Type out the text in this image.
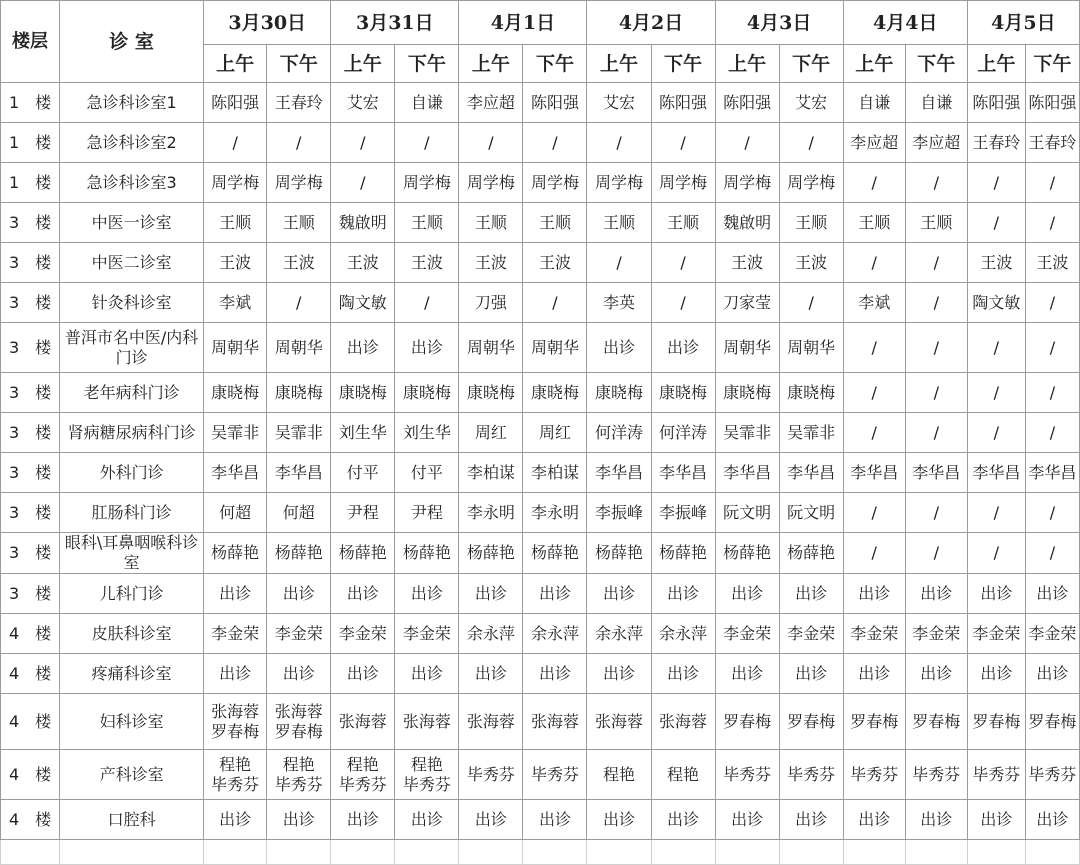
楼层	诊 室	3月30日		3月31日		4月1日		4月2日		4月3日		4月4日		4月5日	
		上午	下午	上午	下午	上午	下午	上午	下午	上午	下午	上午	下午	上午	下午
1　楼	急诊科诊室1	陈阳强	王春玲	艾宏	自谦	李应超	陈阳强	艾宏	陈阳强	陈阳强	艾宏	自谦	自谦	陈阳强	陈阳强
1　楼	急诊科诊室2	/	/	/	/	/	/	/	/	/	/	李应超	李应超	王春玲	王春玲
1　楼	急诊科诊室3	周学梅	周学梅	/	周学梅	周学梅	周学梅	周学梅	周学梅	周学梅	周学梅	/	/	/	/
3　楼	中医一诊室	王顺	王顺	魏啟明	王顺	王顺	王顺	王顺	王顺	魏啟明	王顺	王顺	王顺	/	/
3　楼	中医二诊室	王波	王波	王波	王波	王波	王波	/	/	王波	王波	/	/	王波	王波
3　楼	针灸科诊室	李斌	/	陶文敏	/	刀强	/	李英	/	刀家莹	/	李斌	/	陶文敏	/
3　楼	普洱市名中医/内科门诊	周朝华	周朝华	出诊	出诊	周朝华	周朝华	出诊	出诊	周朝华	周朝华	/	/	/	/
3　楼	老年病科门诊	康晓梅	康晓梅	康晓梅	康晓梅	康晓梅	康晓梅	康晓梅	康晓梅	康晓梅	康晓梅	/	/	/	/
3　楼	肾病糖尿病科门诊	吴霏非	吴霏非	刘生华	刘生华	周红	周红	何洋涛	何洋涛	吴霏非	吴霏非	/	/	/	/
3　楼	外科门诊	李华昌	李华昌	付平	付平	李柏谋	李柏谋	李华昌	李华昌	李华昌	李华昌	李华昌	李华昌	李华昌	李华昌
3　楼	肛肠科门诊	何超	何超	尹程	尹程	李永明	李永明	李振峰	李振峰	阮文明	阮文明	/	/	/	/
3　楼	眼科\耳鼻咽喉科诊室	杨薛艳	杨薛艳	杨薛艳	杨薛艳	杨薛艳	杨薛艳	杨薛艳	杨薛艳	杨薛艳	杨薛艳	/	/	/	/
3　楼	儿科门诊	出诊	出诊	出诊	出诊	出诊	出诊	出诊	出诊	出诊	出诊	出诊	出诊	出诊	出诊
4　楼	皮肤科诊室	李金荣	李金荣	李金荣	李金荣	余永萍	余永萍	余永萍	余永萍	李金荣	李金荣	李金荣	李金荣	李金荣	李金荣
4　楼	疼痛科诊室	出诊	出诊	出诊	出诊	出诊	出诊	出诊	出诊	出诊	出诊	出诊	出诊	出诊	出诊
4　楼	妇科诊室	张海蓉
罗春梅	张海蓉
罗春梅	张海蓉	张海蓉	张海蓉	张海蓉	张海蓉	张海蓉	罗春梅	罗春梅	罗春梅	罗春梅	罗春梅	罗春梅
4　楼	产科诊室	程艳
毕秀芬	程艳
毕秀芬	程艳
毕秀芬	程艳
毕秀芬	毕秀芬	毕秀芬	程艳	程艳	毕秀芬	毕秀芬	毕秀芬	毕秀芬	毕秀芬	毕秀芬
4　楼	口腔科	出诊	出诊	出诊	出诊	出诊	出诊	出诊	出诊	出诊	出诊	出诊	出诊	出诊	出诊
